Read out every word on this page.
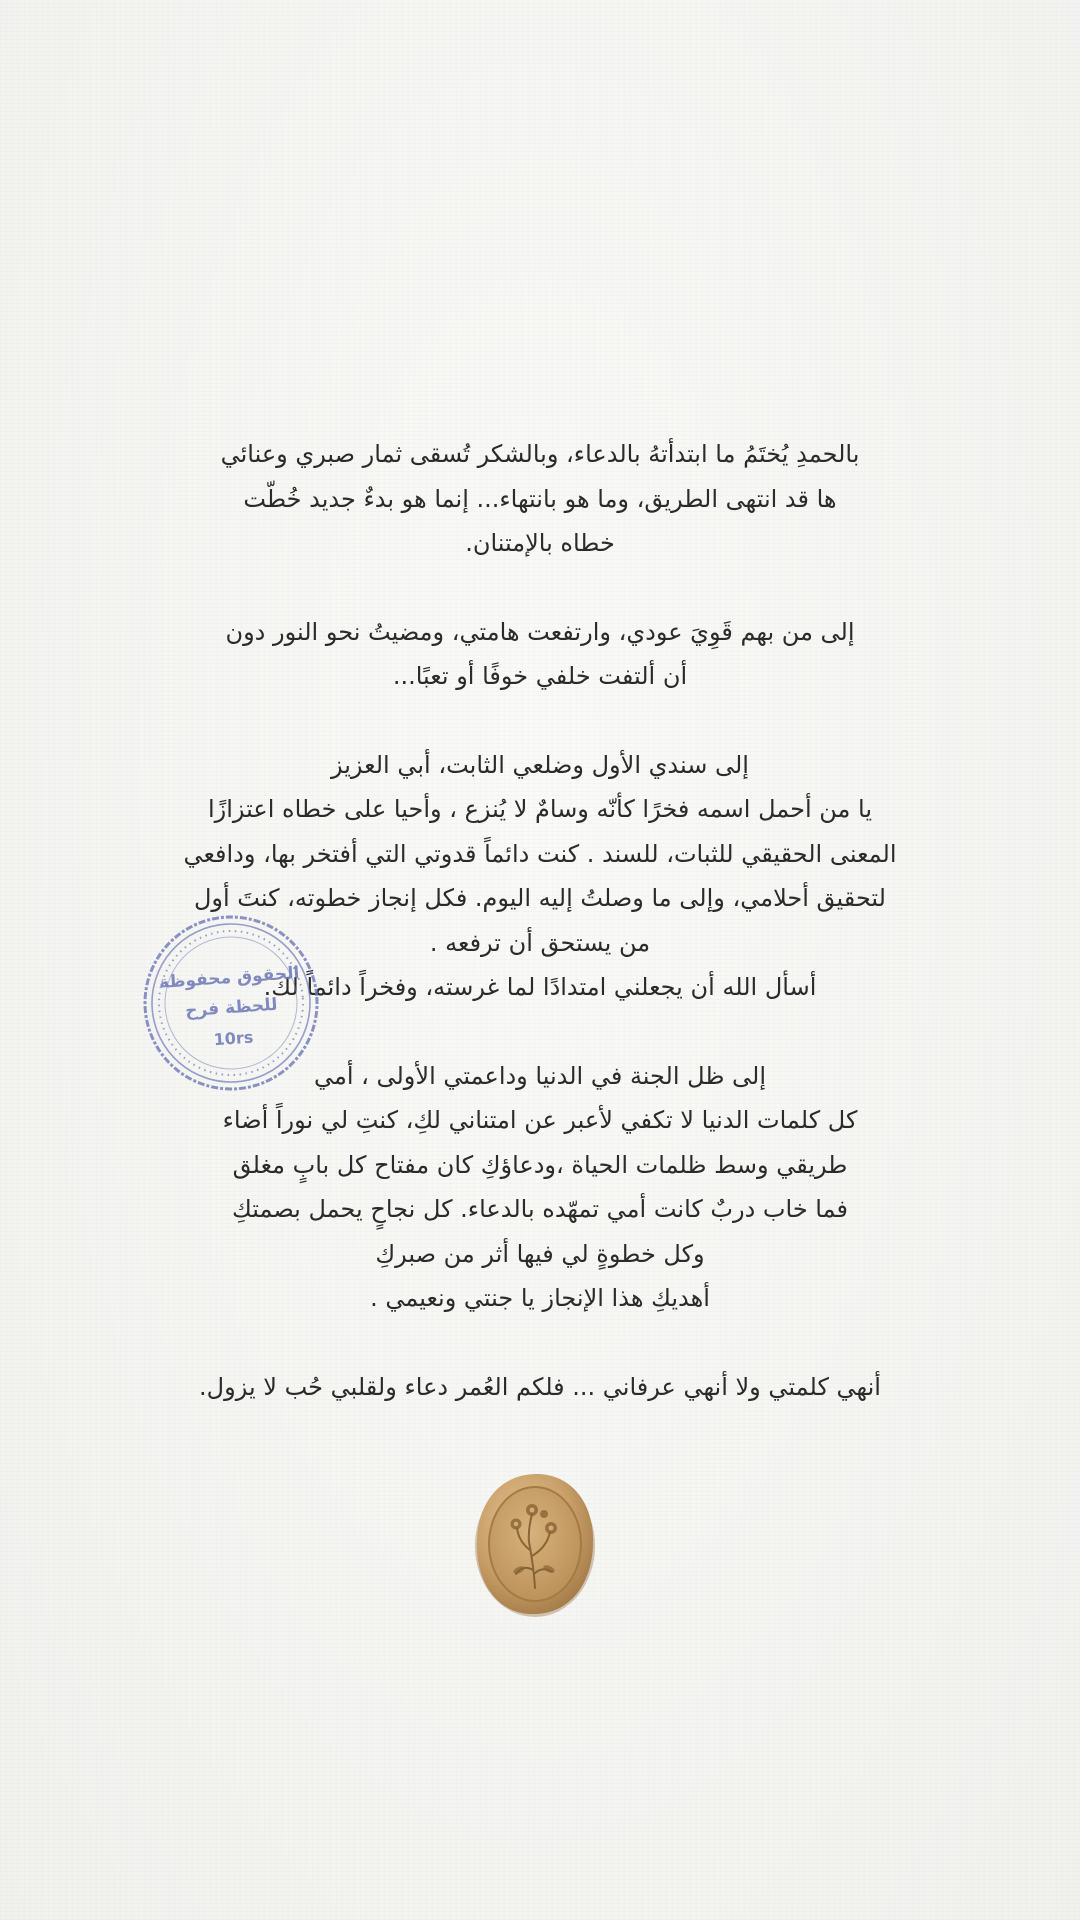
بالحمدِ يُختَمُ ما ابتدأتهُ بالدعاء، وبالشكر تُسقى ثمار صبري وعنائي
ها قد انتهى الطريق، وما هو بانتهاء... إنما هو بدءٌ جديد خُطّت
خطاه بالإمتنان.
إلى من بهم قَوِيَ عودي، وارتفعت هامتي، ومضيتُ نحو النور دون
أن ألتفت خلفي خوفًا أو تعبًا...
إلى سندي الأول وضلعي الثابت، أبي العزيز
يا من أحمل اسمه فخرًا كأنّه وسامٌ لا يُنزع ، وأحيا على خطاه اعتزازًا
المعنى الحقيقي للثبات، للسند . كنت دائماً قدوتي التي أفتخر بها، ودافعي
لتحقيق أحلامي، وإلى ما وصلتُ إليه اليوم. فكل إنجاز خطوته، كنتَ أول
من يستحق أن ترفعه .
أسأل الله أن يجعلني امتدادًا لما غرسته، وفخراً دائماً لك.
إلى ظل الجنة في الدنيا وداعمتي الأولى ، أمي
كل كلمات الدنيا لا تكفي لأعبر عن امتناني لكِ، كنتِ لي نوراً أضاء
طريقي وسط ظلمات الحياة ،ودعاؤكِ كان مفتاح كل بابٍ مغلق
فما خاب دربٌ كانت أمي تمهّده بالدعاء. كل نجاحٍ يحمل بصمتكِ
وكل خطوةٍ لي فيها أثر من صبركِ
أهديكِ هذا الإنجاز يا جنتي ونعيمي .
أنهي كلمتي ولا أنهي عرفاني ... فلكم العُمر دعاء ولقلبي حُب لا يزول.
الحقوق محفوظة
للحظة فرح
10rs
